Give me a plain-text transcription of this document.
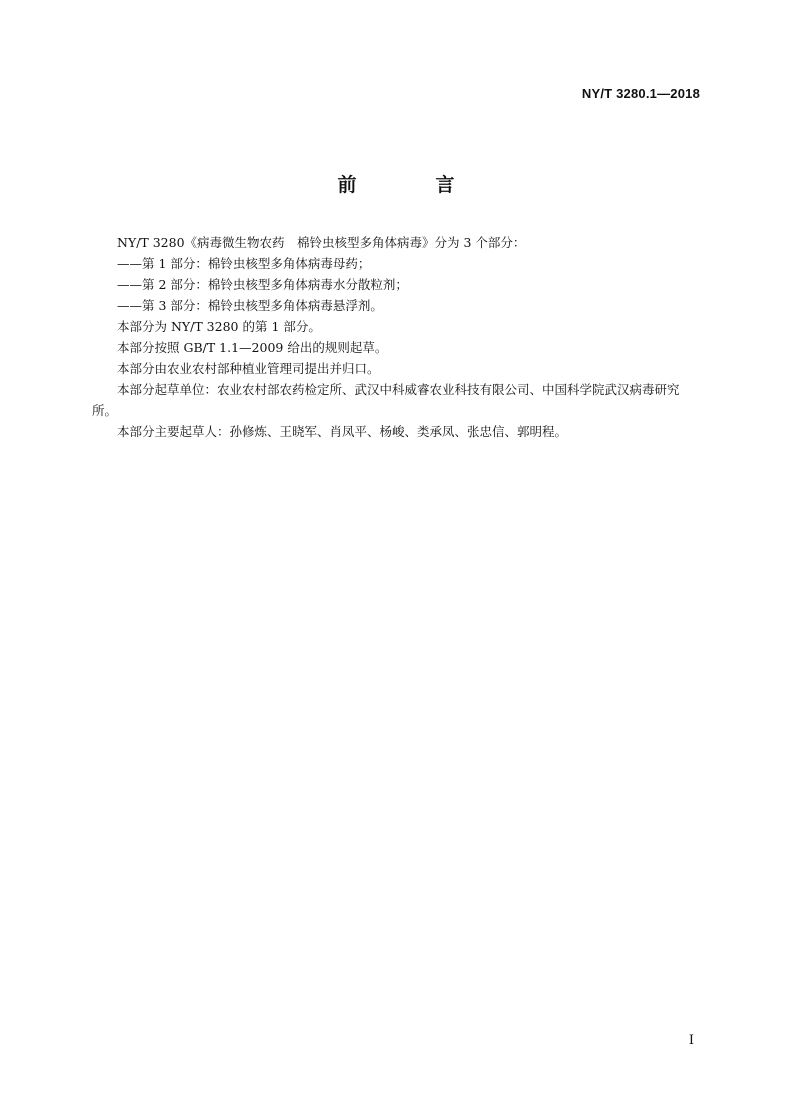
NY/T 3280.1—2018
前　言

NY/T 3280《病毒微生物农药　棉铃虫核型多角体病毒》分为 3 个部分：

——第 1 部分：棉铃虫核型多角体病毒母药；

——第 2 部分：棉铃虫核型多角体病毒水分散粒剂；

——第 3 部分：棉铃虫核型多角体病毒悬浮剂。

本部分为 NY/T 3280 的第 1 部分。

本部分按照 GB/T 1.1—2009 给出的规则起草。

本部分由农业农村部种植业管理司提出并归口。

本部分起草单位：农业农村部农药检定所、武汉中科威睿农业科技有限公司、中国科学院武汉病毒研究所。

本部分主要起草人：孙修炼、王晓军、肖凤平、杨峻、类承凤、张忠信、郭明程。

I
